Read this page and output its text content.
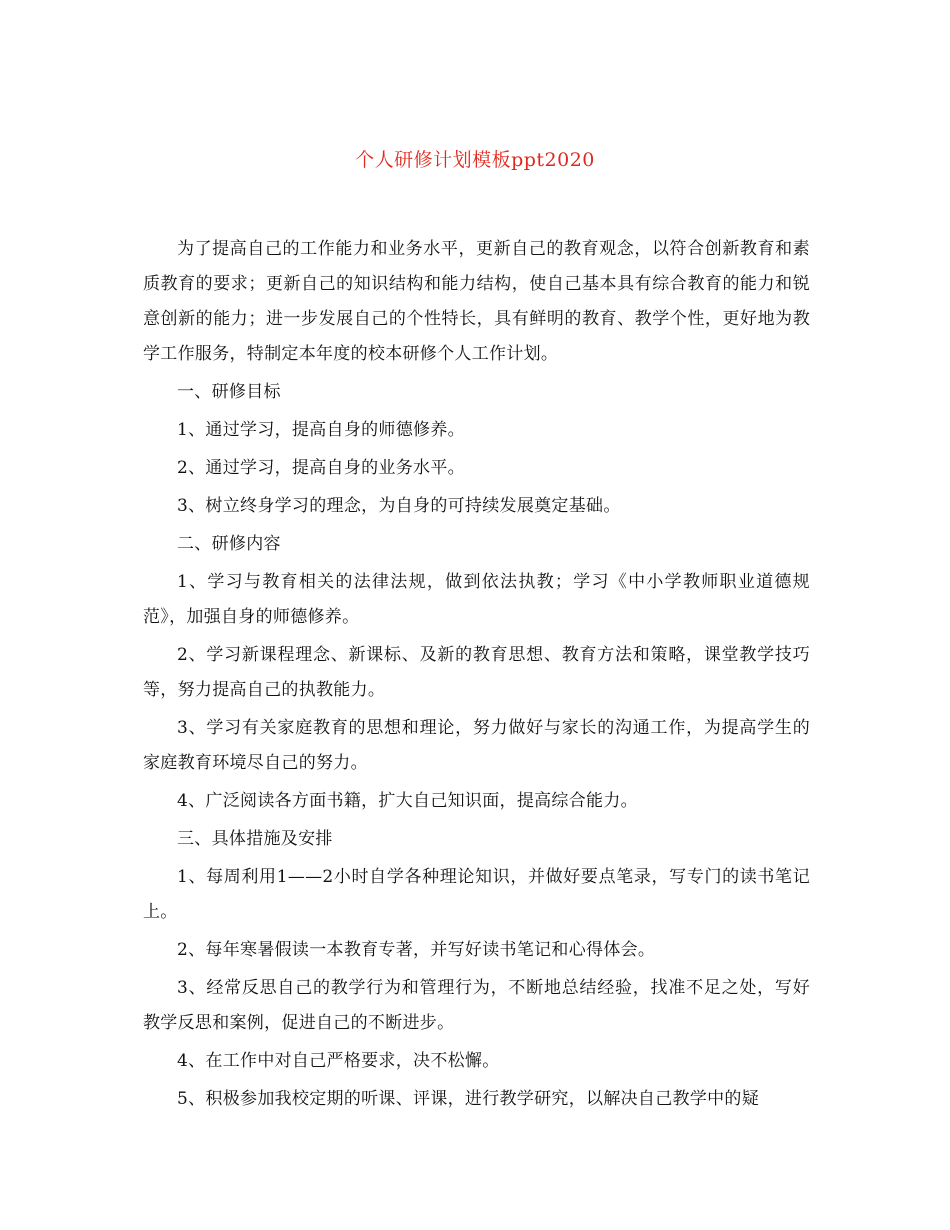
个人研修计划模板ppt2020

为了提高自己的工作能力和业务水平，更新自己的教育观念，以符合创新教育和素质教育的要求；更新自己的知识结构和能力结构，使自己基本具有综合教育的能力和锐意创新的能力；进一步发展自己的个性特长，具有鲜明的教育、教学个性，更好地为教学工作服务，特制定本年度的校本研修个人工作计划。

一、研修目标

1、通过学习，提高自身的师德修养。

2、通过学习，提高自身的业务水平。

3、树立终身学习的理念，为自身的可持续发展奠定基础。

二、研修内容

1、学习与教育相关的法律法规，做到依法执教；学习《中小学教师职业道德规范》，加强自身的师德修养。

2、学习新课程理念、新课标、及新的教育思想、教育方法和策略，课堂教学技巧等，努力提高自己的执教能力。

3、学习有关家庭教育的思想和理论，努力做好与家长的沟通工作，为提高学生的家庭教育环境尽自己的努力。

4、广泛阅读各方面书籍，扩大自己知识面，提高综合能力。

三、具体措施及安排

1、每周利用1——2小时自学各种理论知识，并做好要点笔录，写专门的读书笔记上。

2、每年寒暑假读一本教育专著，并写好读书笔记和心得体会。

3、经常反思自己的教学行为和管理行为，不断地总结经验，找准不足之处，写好教学反思和案例，促进自己的不断进步。

4、在工作中对自己严格要求，决不松懈。

5、积极参加我校定期的听课、评课，进行教学研究，以解决自己教学中的疑
